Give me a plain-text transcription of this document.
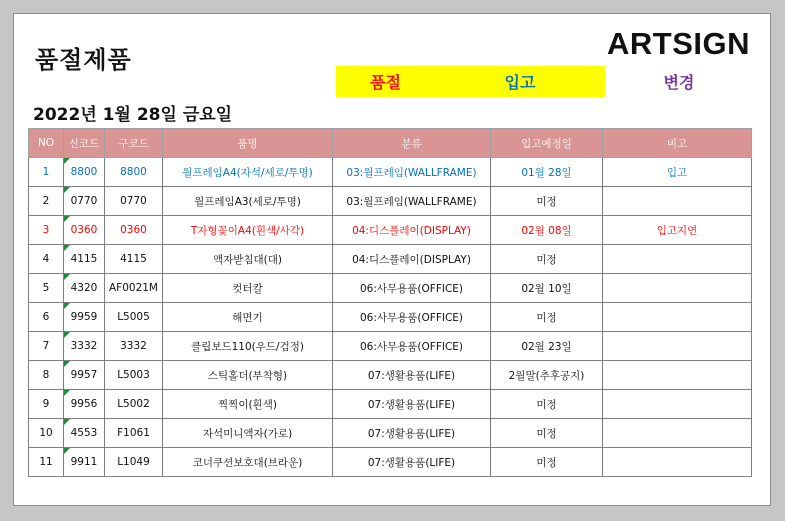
품절제품	ARTSIGN
품절	입고	변경
2022년 1월 28일 금요일
NO	신코드	구코드	품명	분류	입고예정일	비고
1	8800	8800	월프레임A4(자석/세로/투명)	03:월프레임(WALLFRAME)	01월 28일	입고
2	0770	0770	월프레임A3(세로/투명)	03:월프레임(WALLFRAME)	미정	
3	0360	0360	T자형꽂이A4(흰색/사각)	04:디스플레이(DISPLAY)	02월 08일	입고지연
4	4115	4115	액자받침대(대)	04:디스플레이(DISPLAY)	미정	
5	4320	AF0021M	컷터칼	06:사무용품(OFFICE)	02월 10일	
6	9959	L5005	해면기	06:사무용품(OFFICE)	미정	
7	3332	3332	클립보드110(우드/검정)	06:사무용품(OFFICE)	02월 23일	
8	9957	L5003	스틱홀더(부착형)	07:생활용품(LIFE)	2월말(추후공지)	
9	9956	L5002	찍찍이(흰색)	07:생활용품(LIFE)	미정	
10	4553	F1061	자석미니액자(가로)	07:생활용품(LIFE)	미정	
11	9911	L1049	코너쿠션보호대(브라운)	07:생활용품(LIFE)	미정	
